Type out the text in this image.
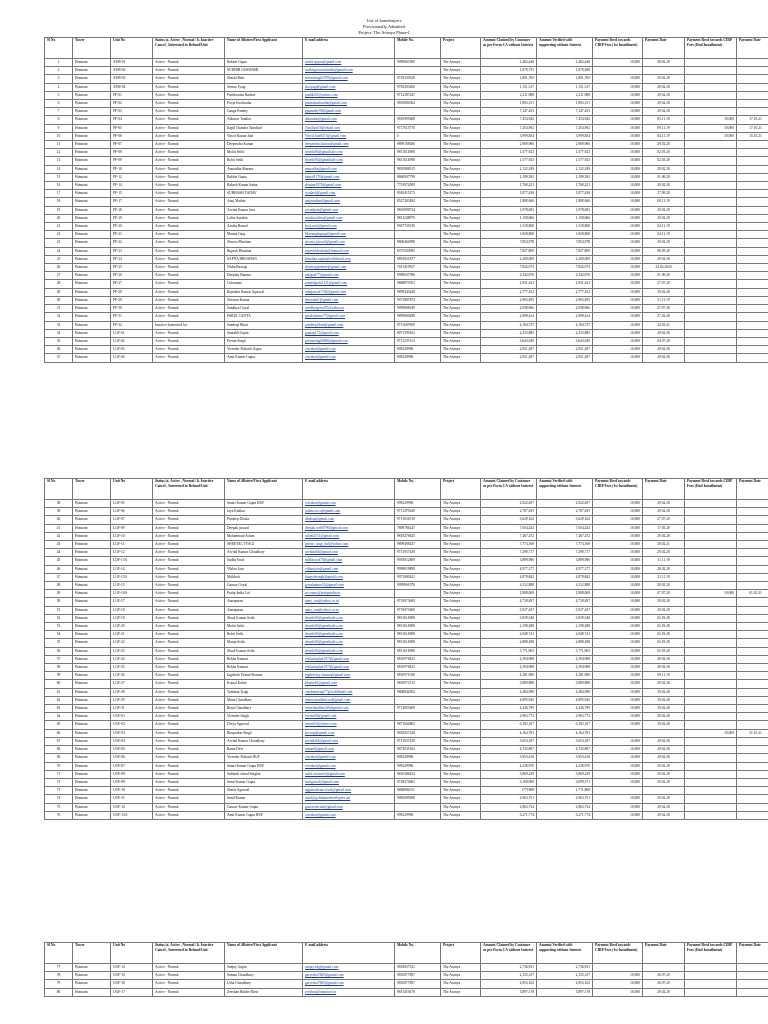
List of homebuyers
Provisionally Admitted
Project: The Avanya Phase-I
Sl No	Tower	Unit No	Status (a. Active , Normal / b. Inactive Cancel , Interested in Refund/Unit	Name of Allottee/First Applicant	E-mail address	Mobile No.	Project	Amount Claimed by Customer as per Form CA without Interest	Amount Verified with supporting without Interest	Payment Recd towards CIRP Fees (1st Installment)	Payment Date	Payment Recd towards CIRP Fees (IInd Installment)	Payment Date
1	Hotmant	ATM-01	Active - Normal	Rakhie Gupta	rackie.gupta@gmail.com	9990863569	The Avanya	2,482,446	2,482,446	10,000	28.02.20		
2	Hotmant	ATM-02	Active - Normal	SUDHIR GOSWAMI	sudhirgoswamiindia@gmail.com		The Avanya	1,870,755	1,870,288				
3	Hotmant	ATM-03	Active - Normal	Shashi Bala	sreenivasgh1970@gmail.com	9718230329	The Avanya	1,801,765	1,801,765	10,000	29.02.20		
4	Hotmant	ATM-04	Active - Normal	Seema Tyagi	skstyagi@gmail.com	9783293406	The Avanya	1,151,317	1,151,317	10,000	28.02.20		
5	Hotmant	PF-01	Active - Normal	Pushkratina Rathod	pushkr01@yahoo.com	9712387447	The Avanya	2,211,988	2,211,988	10,000	29.02.20		
6	Hotmant	PF-02	Active - Normal	Pooja Kushwaha	puterakushwaha@gmail.com	9810804564	The Avanya	1,883,151	1,883,151	10,000	29.02.20		
7	Hotmant	PF-03	Active - Normal	Ganga Pandey	gppandey99@gmail.com		The Avanya	7,147,453	7,147,453	10,000	29.02.20		
8	Hotmant	PF-04	Active - Normal	Abhinav Tandon	abtandon@gmail.com	9810995608	The Avanya	7,454,942	7,454,942	10,000	05.11.19	10,000	17.10.21
9	Hotmant	PF-05	Active - Normal	Kapil Chandra Naudiyal	Naudiyal16@email.com	9717615770	The Avanya	7,454,992	7,454,992	10,000	09.11.19	10,000	17.10.21
10	Hotmant	PF-06	Active - Normal	Vinod Kumar Jain	Vinod.Jain9215@gmail.com	0	The Avanya	3,999,854	3,999,854	10,000	04.11.19	10,000	15.10.21
11	Hotmant	PF-07	Active - Normal	Deependra Kumar	deependra.kumar@gmail.com	9899108306	The Avanya	2,969,906	2,969,906	10,000	29.02.20		
12	Hotmant	PF-08	Active - Normal	Mohit Sethi	sbsethi94@gmailsale.com	9811614988	The Avanya	1,577,923	1,577,923	10,000	02.03.20		
13	Hotmant	PF-09	Active - Normal	Rohit Sethi	sbsethi94@gmailsale.com	9811614988	The Avanya	1,577,923	1,577,923	10,000	02.03.20		
14	Hotmant	PF-10	Active - Normal	Anuradha Sharma	anuradha@gmail.com	9810988515	The Avanya	2,122,299	2,122,299	10,000	29.02.20		
15	Hotmant	PF-12	Active - Normal	Rakhie Gupta	kamal1170@gmail.com	8860907798	The Avanya	2,189,392	2,189,392	10,000	01.06.20		
16	Hotmant	PF-14	Active - Normal	Rakesh Kumar Saina	rksaina1970@gmail.com	7701974509	The Avanya	1,768,221	1,768,221	10,000	29.02.20		
17	Hotmant	PF-15	Active - Normal	SUBHASH YADAV	syadav6@gmail.com	9910415175	The Avanya	1,877,436	1,877,436	10,000	27.09.20		
18	Hotmant	PF-17	Active - Normal	Anuj Mathur	anujmathur@gmail.com	8527283494	The Avanya	1,888,666	1,888,666	10,000	08.11.19		
19	Hotmant	PF-18	Active - Normal	Arvind Kumar Jain	arvindjain@gmail.com	9810998724	The Avanya	1,978,693	1,978,693	10,000	29.02.20		
20	Hotmant	PF-19	Active - Normal	Lalita Sundria	sundria.lalita@gmail.com	9811228979	The Avanya	1,158,066	1,158,066	10,000	29.02.20		
21	Hotmant	PF-20	Active - Normal	Aastha Bansal	bsal.sach@gmail.com	9947726749	The Avanya	1,318,800	1,318,800	10,000	04.11.19		
22	Hotmant	PF-21	Active - Normal	Manita Garg	Maniargbagaga@gmail.com		The Avanya	1,828,808	1,828,808	10,000	04.11.19		
23	Hotmant	PF-22	Active - Normal	Shweta Bhushan	shweta.jaiswal@gmail.com	8800464998	The Avanya	7,854,978	7,854,978	10,000	29.02.20		
24	Hotmant	PF-23	Active - Normal	Rupesh Bhushan	rupesh.bhushan@hotmail.com	8375500992	The Avanya	7,827,800	7,827,800	10,000	08.05.20		
25	Hotmant	PF-24	Active - Normal	SAPNA BHUSHAN	bhushan.sapna@rediffmail.com	9891921877	The Avanya	2,200,000	2,200,000	10,000	29.02.20		
26	Hotmant	PF-25	Active - Normal	Nisha Rastogi	rkrastogipremie@gmail.com	7011410927	The Avanya	7,842,974	7,842,974	10,000	24.02.2020		
27	Hotmant	PF-26	Active - Normal	Deepika Sharma	mktgsal77@gmail.com	9990637096	The Avanya	2,342,876	2,342,876	10,000	01.06.20		
28	Hotmant	PF-27	Active - Normal	Colonnato	rameshpahi1121@gmail.com	9868870761	The Avanya	4,931,441	4,931,441	10,000	27.07.20		
29	Hotmant	PF-28	Active - Normal	Rajendra Kumar Agarwal	rajagarwal1762@gmail.com	9899443448	The Avanya	2,777,452	2,777,452	10,000	29.02.20		
30	Hotmant	PF-29	Active - Normal	Shravan Kumar	shravank1@gmail.com	9971887872	The Avanya	2,965,495	2,965,495	10,000	31.11.19		
31	Hotmant	PF-30	Active - Normal	Sandhya Goyal	sandhyagoyal70@yahoo.in	9999868349	The Avanya	2,938,966	2,938,966	10,000	27.07.20		
32	Hotmant	PF-31	Active - Normal	PARUL GUPTA	parulsharma77@gmail.com	9899060298	The Avanya	2,908,414	2,908,414	10,000	27.02.20		
33	Hotmant	PF-32	Inactive-Interested for	Sandeep Bhatt	sandeep.bhatt@gmail.com	9711607809	The Avanya	4,184,737	4,184,737	10,000	22.03.21		
34	Hotmant	LGF-01	Active - Normal	Saurabh Gupta	guptag171@gmail.com	8071599102	The Avanya	2,233,885	2,233,885	10,000	29.02.20		
35	Hotmant	LGF-02	Active - Normal	Prerna Singh	prernasingh9696@gmail.com	9711235113	The Avanya	3,643,049	3,643,049	10,000	04.07.20		
36	Hotmant	LGF-03	Active - Normal	Virender Prakash Gupta	vircnkar@gmail.com	999229996	The Avanya	2,921,497	2,921,497	10,000	29.02.20		
37	Hotmant	LGF-04	Active - Normal	Amit Kumar Gupta	vircnkar@gmail.com	999229996	The Avanya	2,921,497	2,921,497	10,000	29.02.20		
Sl No	Tower	Unit No	Status (a. Active , Normal / b. Inactive Cancel , Interested in Refund/Unit	Name of Allottee/First Applicant	E-mail address	Mobile No.	Project	Amount Claimed by Customer as per Form CA without Interest	Amount Verified with supporting without Interest	Payment Recd towards CIRP Fees (1st Installment)	Payment Date	Payment Recd towards CIRP Fees (IInd Installment)	Payment Date
38	Hotmant	LGF-05	Active - Normal	Smart Kumar Gupta HUF	vircnkar@gmail.com	999229996	The Avanya	2,922,657	2,922,657	10,000	29.02.20		
39	Hotmant	LGF-06	Active - Normal	Jaya Kakkar	jaikaa.sa.co@gmail.com	9711479328	The Avanya	2,707,295	2,707,295	10,000	29.02.20		
40	Hotmant	LGF-07	Active - Normal	Pradeep Dhoka	dhokap@gmail.com	9711031018	The Avanya	3,629,162	3,629,162	10,000	27.07.20		
41	Hotmant	LGF-09	Active - Normal	Deepak jaiswal	deepak.web0790@gmail.com	7809766247	The Avanya	7,654,424	7,654,424	10,000	17.05.20		
42	Hotmant	LGF-10	Active - Normal	Mohammad Aslam	aslam2511@gmail.com	9810276625	The Avanya	7,467,472	7,467,472	10,000	29.02.20		
43	Hotmant	LGF-11	Active - Normal	SHEETAL TYAGI	geetar_tyagi_dol@yahoo.com	9899498437	The Avanya	7,774,168	7,774,168	10,000	28.02.21		
44	Hotmant	LGF-12	Active - Normal	Arvind Kumar Chaudhary	arvinda64@gmail.com	9711937438	The Avanya	7,298,717	7,298,717	10,000	29.02.20		
45	Hotmant	LDF-13A	Active - Normal	Sudha Sood	sudhasood70@gmail.com	9919012809	The Avanya	3,889,986	3,889,986	10,000	31.11.19		
46	Hotmant	LGF-14	Active - Normal	Vibhor Jain	vibhorjain@gmail.com	9999819899	The Avanya	4,977,177	4,977,177	10,000	28.02.20		
47	Hotmant	LGF-15A	Active - Normal	Mithlesh	binayahsingh@gmail.com	9971080241	The Avanya	4,879,842	4,879,842	10,000	31.11.19		
48	Hotmant	LGF-15	Active - Normal	Gaurav Goyal	goyalanime21@gmail.com	9999961070	The Avanya	4,112,888	4,112,888	10,000	28.02.20		
49	Hotmant	LGF-16A	Active - Normal	Pratip India Ltd	accounts@pratipindia.in		The Avanya	2,808,000	2,808,000	10,000	07.07.20	10,000	01.10.21
50	Hotmant	LGF-17	Active - Normal	Annapurna	anny_can@yahoo.co.in	9719073669	The Avanya	4,718,497	4,718,497	10,000	29.02.20		
51	Hotmant	LGF-18	Active - Normal	Annapurna	anny_can@yahoo.co.in	9719073669	The Avanya	3,937,437	3,937,437	10,000	29.02.20		
52	Hotmant	LGF-19	Active - Normal	Shool Kumar Sethi	sbsethi94@gmailsale.com	9811614988	The Avanya	3,829,548	3,829,548	10,000	02.03.20		
53	Hotmant	LGF-20	Active - Normal	Mohit Sethi	sbsethi94@gmailsale.com	9811614988	The Avanya	2,198,288	2,198,288	10,000	02.03.20		
54	Hotmant	LGF-21	Active - Normal	Rohit Sethi	sbsethi94@gmailsale.com	9811614988	The Avanya	2,848,741	2,848,741	10,000	02.03.20		
55	Hotmant	LGF-22	Active - Normal	Manju Sethi	sbsethi94@gmailsale.com	9811614988	The Avanya	2,888,298	2,888,298	10,000	02.03.20		
56	Hotmant	LGF-23	Active - Normal	Shool Kumar Sethi	sbsethi94@gmailsale.com	9811614988	The Avanya	3,771,963	3,771,963	10,000	02.03.20		
57	Hotmant	LGF-24	Active - Normal	Rekha Kumari	rekhasinghal1973@gmail.com	9810978423	The Avanya	4,394,968	4,394,968	10,000	28.02.20		
58	Hotmant	LGF-25	Active - Normal	Rekha Kumari	rekhasinghal1973@gmail.com	9810978423	The Avanya	4,394,968	4,394,968	10,000	28.02.20		
59	Hotmant	LGF-26	Active - Normal	Jagdeesh Prasad Sharma	jagdeesh.p.sharma@gmail.com	9810971036	The Avanya	4,281,906	4,281,906	10,000	09.11.19		
60	Hotmant	LGF-27	Active - Normal	Komal Kukre	kkukre61@gmail.com	9810972513	The Avanya	3,889,888	3,889,888	10,000	29.02.20		
61	Hotmant	LGF-28	Active - Normal	Vandana Tyagi	vandanatyagi77@rediffmail.com	9808842563	The Avanya	4,484,998	4,484,998	10,000	29.02.20		
62	Hotmant	LGF-29	Active - Normal	Manu Chaudhary	manuchaudharyrai@gmail.com		The Avanya	4,895,943	4,895,943	10,000	29.02.20		
63	Hotmant	LGF-31	Active - Normal	Renu Chaudhary	renuchaudhary66@gmail.com	9712005409	The Avanya	4,436,799	4,436,799	10,000	29.02.20		
64	Hotmant	UGF-01	Active - Normal	Virender Singh	vsosin06@gmail.com		The Avanya	2,963,772	2,963,772	10,000	28.02.20		
65	Hotmant	UGF-02	Active - Normal	Divya Agarwal	avanti16@yahoo.com	9871664802	The Avanya	6,192,107	6,192,107	10,000	29.02.20		
66	Hotmant	UGF-03	Active - Normal	Rituprakar Singh	bscsogt@gmail.com	9810927428	The Avanya	4,164,781	4,164,781			10,000	31.10.21
67	Hotmant	UGF-04	Active - Normal	Arvind Kumar Chaudhary	arvinda64@gmail.com	9711937438	The Avanya	3,653,187	3,653,187	10,000	29.02.20		
68	Hotmant	UGF-05	Active - Normal	Rama Devi	ramard@gmail.com	9873035163	The Avanya	4,743,807	4,743,807	10,000	29.02.20		
69	Hotmant	UGF-06	Active - Normal	Virender Prakash HUF	vircnkar@gmail.com	999229996	The Avanya	3,953,616	3,953,616	10,000	29.02.20		
70	Hotmant	UGF-07	Active - Normal	Smart Kumar Gupta HUF	vircnkar@gmail.com	999229996	The Avanya	4,238,970	4,238,970	10,000	29.02.20		
71	Hotmant	UGF-08	Active - Normal	Subhash chand Singhal	subri.sivaraviv@gmail.com	9810286254	The Avanya	3,869,229	3,869,229	10,000	29.02.20		
72	Hotmant	UGF-09	Active - Normal	Sunit Kumar Gupta	smitgarra1@gmail.com	9728374661	The Avanya	3,108,960	3,099,371	10,000	29.02.20		
73	Hotmant	UGF-10	Active - Normal	Shaifa Agarwal	aggarwalsum.work@gmail.com	9868982011	The Avanya	1771808	1,771,808				
74	Hotmant	UGF-11	Active - Normal	Sunil Kumar	sunil@goldmancdevelopers.net	9982999308	The Avanya	2,963,751	2,963,751	10,000	29.02.20		
75	Hotmant	UGF-12	Active - Normal	Gaurav Kumar Gupta	gauravsbr.tak@gmail.com		The Avanya	2,863,734	2,863,734	10,000	29.02.20		
76	Hotmant	UGF-13A	Active - Normal	Amit Kumar Gupta HUF	vircnkar@gmail.com	999229996	The Avanya	3,271,774	3,271,774	10,000	29.02.20		
Sl No	Tower	Unit No	Status (a. Active , Normal / b. Inactive Cancel , Interested in Refund/Unit	Name of Allottee/First Applicant	E-mail address	Mobile No.	Project	Amount Claimed by Customer as per Form CA without Interest	Amount Verified with supporting without Interest	Payment Recd towards CIRP Fees (1st Installment)	Payment Date	Payment Recd towards CIRP Fees (IInd Installment)	Payment Date
77	Hotmant	UGF-14	Active - Normal	Sanjay Gupta	sanjay.sdg@gmail.com	9818837521	The Avanya	2,736,931	2,736,931				
78	Hotmant	UGF-15	Active - Normal	Suman Chaudhary	garvesha7665@gmail.com	9810877897	The Avanya	2,155,137	2,155,137	10,000	26.07.20		
79	Hotmant	UGF-16	Active - Normal	Usha Chaudhary	garvesha7665@gmail.com	9810877897	The Avanya	2,953,102	2,953,102	10,000	26.07.20		
80	Hotmant	UGF-17	Active - Normal	Zeeshan Haider Rizvi	zeeshan@ramnizvi.in	9811419478	The Avanya	3,897,178	3,897,178	10,000	29.02.20		
